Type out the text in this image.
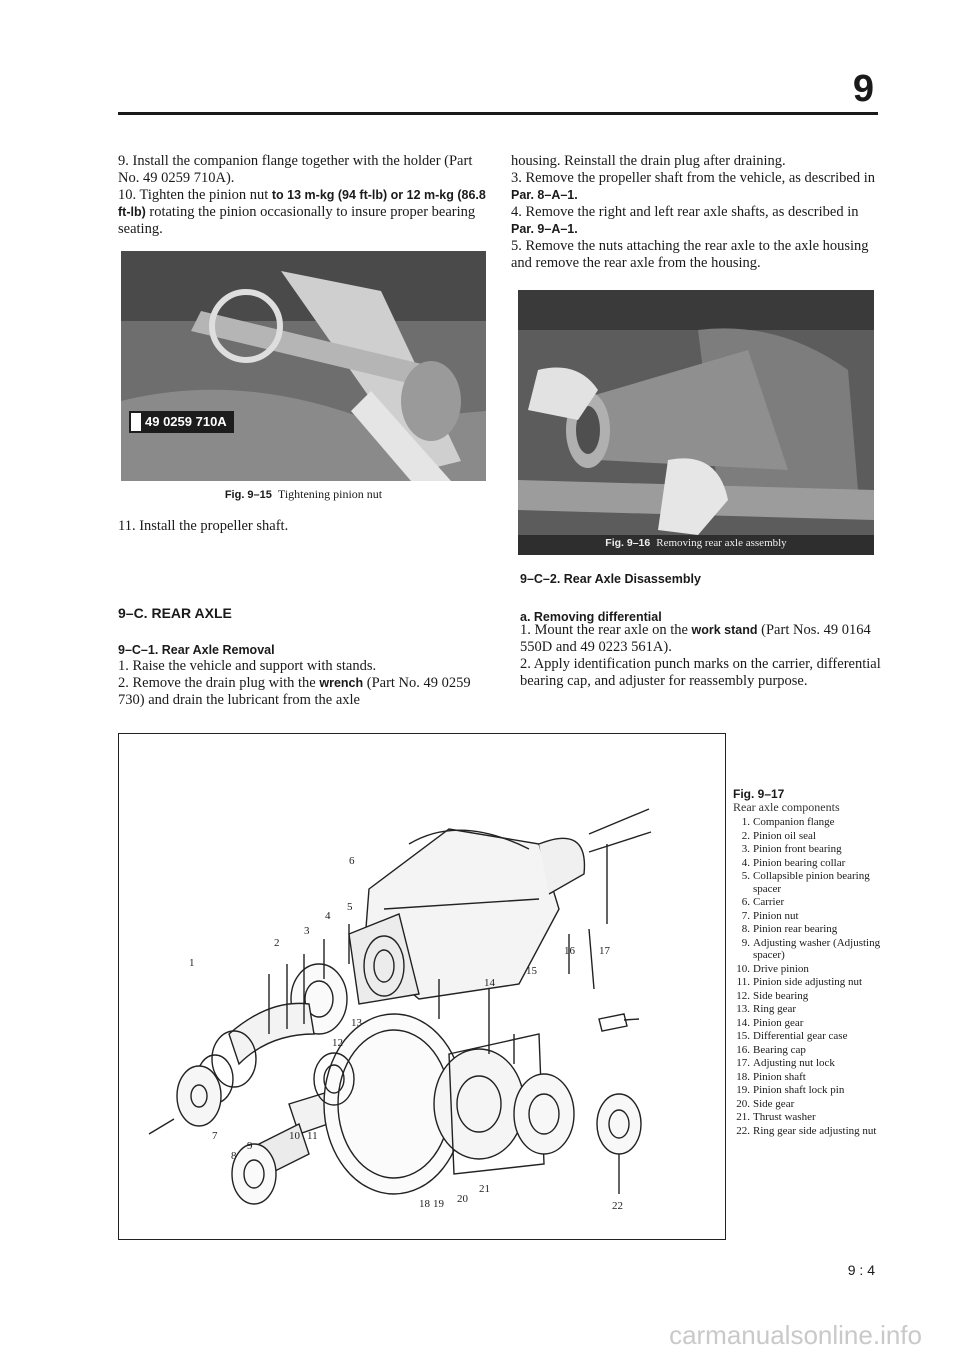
9

9. Install the companion flange together with the holder (Part No. 49 0259 710A).

10. Tighten the pinion nut to 13 m-kg (94 ft-lb) or 12 m-kg (86.8 ft-lb) rotating the pinion occasionally to insure proper bearing seating.

49 0259 710A
Fig. 9–15 Tightening pinion nut

11. Install the propeller shaft.

9–C. REAR AXLE
9–C–1. Rear Axle Removal

1. Raise the vehicle and support with stands.

2. Remove the drain plug with the wrench (Part No. 49 0259 730) and drain the lubricant from the axle

housing. Reinstall the drain plug after draining.

3. Remove the propeller shaft from the vehicle, as described in Par. 8–A–1.

4. Remove the right and left rear axle shafts, as described in Par. 9–A–1.

5. Remove the nuts attaching the rear axle to the axle housing and remove the rear axle from the housing.

Fig. 9–16 Removing rear axle assembly
9–C–2. Rear Axle Disassembly
a. Removing differential

1. Mount the rear axle on the work stand (Part Nos. 49 0164 550D and 49 0223 561A).

2. Apply identification punch marks on the carrier, differential bearing cap, and adjuster for reassembly purpose.

1
2
3
4
5
6
7
8
9
10 11
12
13
14
15
16 17
18 19 20
21
22
Fig. 9–17
Rear axle components
1. Companion flange
2. Pinion oil seal
3. Pinion front bearing
4. Pinion bearing collar
5. Collapsible pinion bearing spacer
6. Carrier
7. Pinion nut
8. Pinion rear bearing
9. Adjusting washer (Adjusting spacer)
10. Drive pinion
11. Pinion side adjusting nut
12. Side bearing
13. Ring gear
14. Pinion gear
15. Differential gear case
16. Bearing cap
17. Adjusting nut lock
18. Pinion shaft
19. Pinion shaft lock pin
20. Side gear
21. Thrust washer
22. Ring gear side adjusting nut
9 : 4
carmanualsonline.info
